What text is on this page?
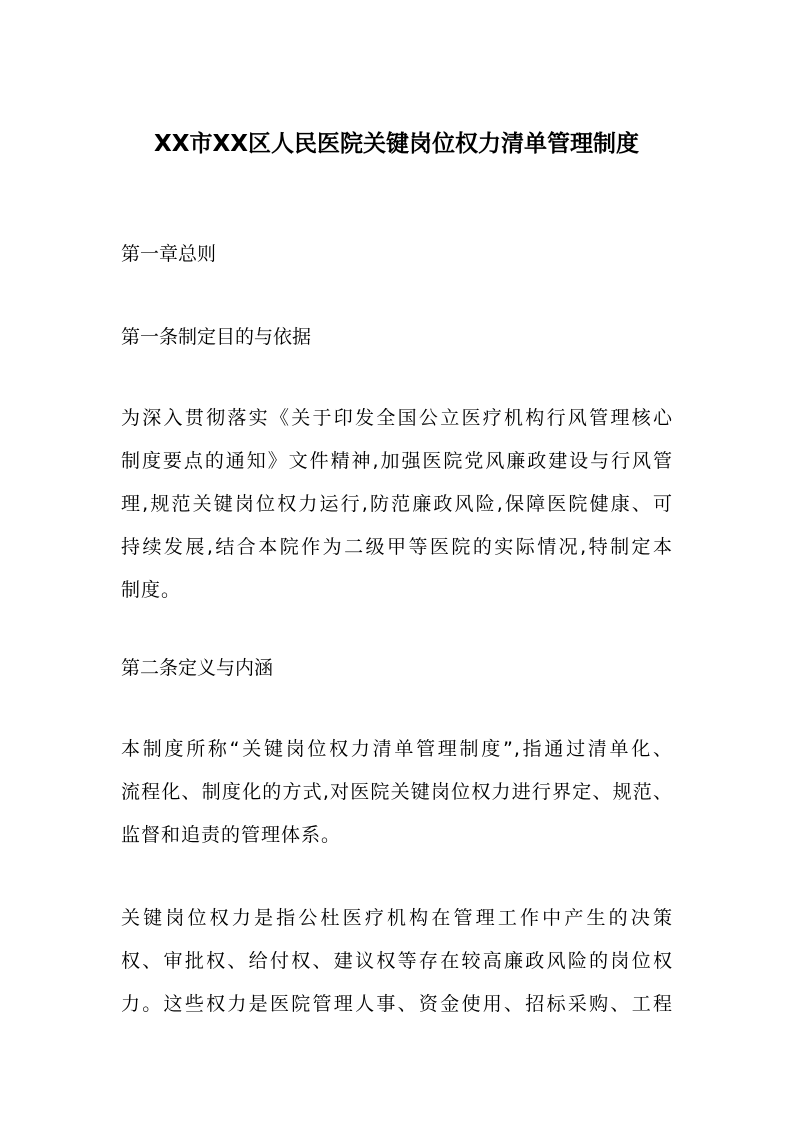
XX市XX区人民医院关键岗位权力清单管理制度

第一章总则

第一条制定目的与依据

为深入贯彻落实《关于印发全国公立医疗机构行风管理核心
制度要点的通知》文件精神,加强医院党风廉政建设与行风管
理,规范关键岗位权力运行,防范廉政风险,保障医院健康、可
持续发展,结合本院作为二级甲等医院的实际情况,特制定本
制度。

第二条定义与内涵

本制度所称“关键岗位权力清单管理制度”,指通过清单化、
流程化、制度化的方式,对医院关键岗位权力进行界定、规范、
监督和追责的管理体系。
关键岗位权力是指公杜医疗机构在管理工作中产生的决策
权、审批权、给付权、建议权等存在较高廉政风险的岗位权
力。这些权力是医院管理人事、资金使用、招标采购、工程
